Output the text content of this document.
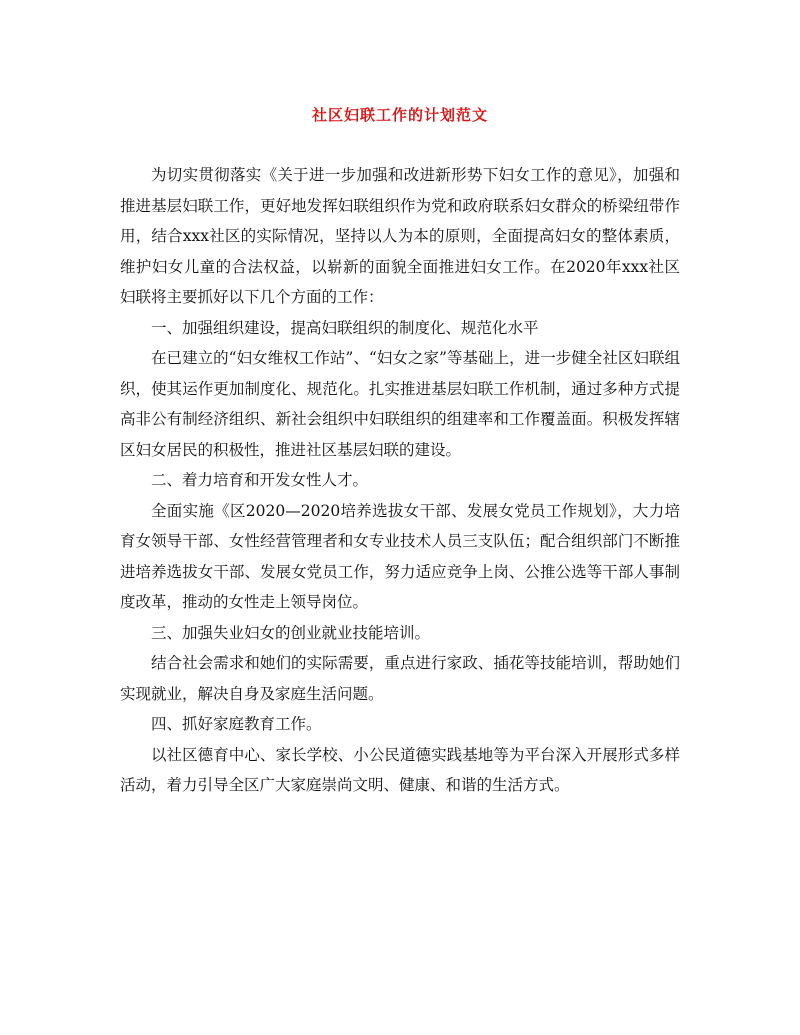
社区妇联工作的计划范文

为切实贯彻落实《关于进一步加强和改进新形势下妇女工作的意见》，加强和推进基层妇联工作，更好地发挥妇联组织作为党和政府联系妇女群众的桥梁纽带作用，结合xxx社区的实际情况，坚持以人为本的原则，全面提高妇女的整体素质，维护妇女儿童的合法权益，以崭新的面貌全面推进妇女工作。在2020年xxx社区妇联将主要抓好以下几个方面的工作：

一、加强组织建设，提高妇联组织的制度化、规范化水平

在已建立的“妇女维权工作站”、“妇女之家”等基础上，进一步健全社区妇联组织，使其运作更加制度化、规范化。扎实推进基层妇联工作机制，通过多种方式提高非公有制经济组织、新社会组织中妇联组织的组建率和工作覆盖面。积极发挥辖区妇女居民的积极性，推进社区基层妇联的建设。

二、着力培育和开发女性人才。

全面实施《区2020—2020培养选拔女干部、发展女党员工作规划》，大力培育女领导干部、女性经营管理者和女专业技术人员三支队伍；配合组织部门不断推进培养选拔女干部、发展女党员工作，努力适应竞争上岗、公推公选等干部人事制度改革，推动的女性走上领导岗位。

三、加强失业妇女的创业就业技能培训。

结合社会需求和她们的实际需要，重点进行家政、插花等技能培训，帮助她们实现就业，解决自身及家庭生活问题。

四、抓好家庭教育工作。

以社区德育中心、家长学校、小公民道德实践基地等为平台深入开展形式多样活动，着力引导全区广大家庭崇尚文明、健康、和谐的生活方式。
